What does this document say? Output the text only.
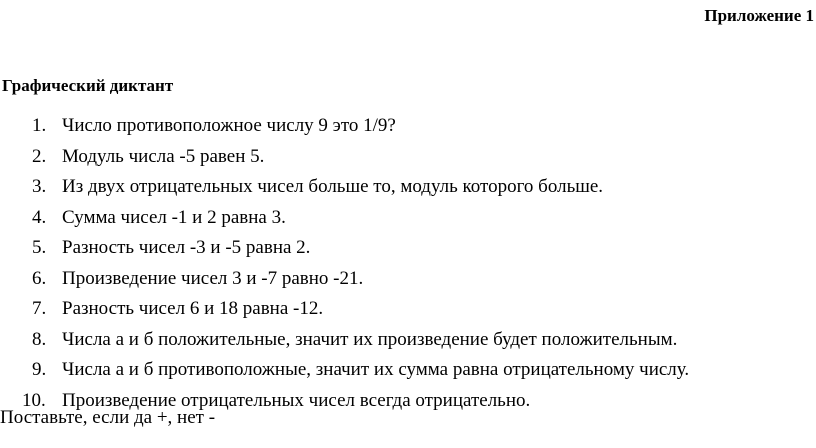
Приложение 1
Графический диктант
1. Число противоположное числу 9 это 1/9?
2. Модуль числа -5 равен 5.
3. Из двух отрицательных чисел больше то, модуль которого больше.
4. Сумма чисел -1 и 2 равна 3.
5. Разность чисел -3 и -5 равна 2.
6. Произведение чисел 3 и -7 равно -21.
7. Разность чисел 6 и 18 равна -12.
8. Числа а и б положительные, значит их произведение будет положительным.
9. Числа а и б противоположные, значит их сумма равна отрицательному числу.
10. Произведение отрицательных чисел всегда отрицательно.
Поставьте, если да +, нет -
